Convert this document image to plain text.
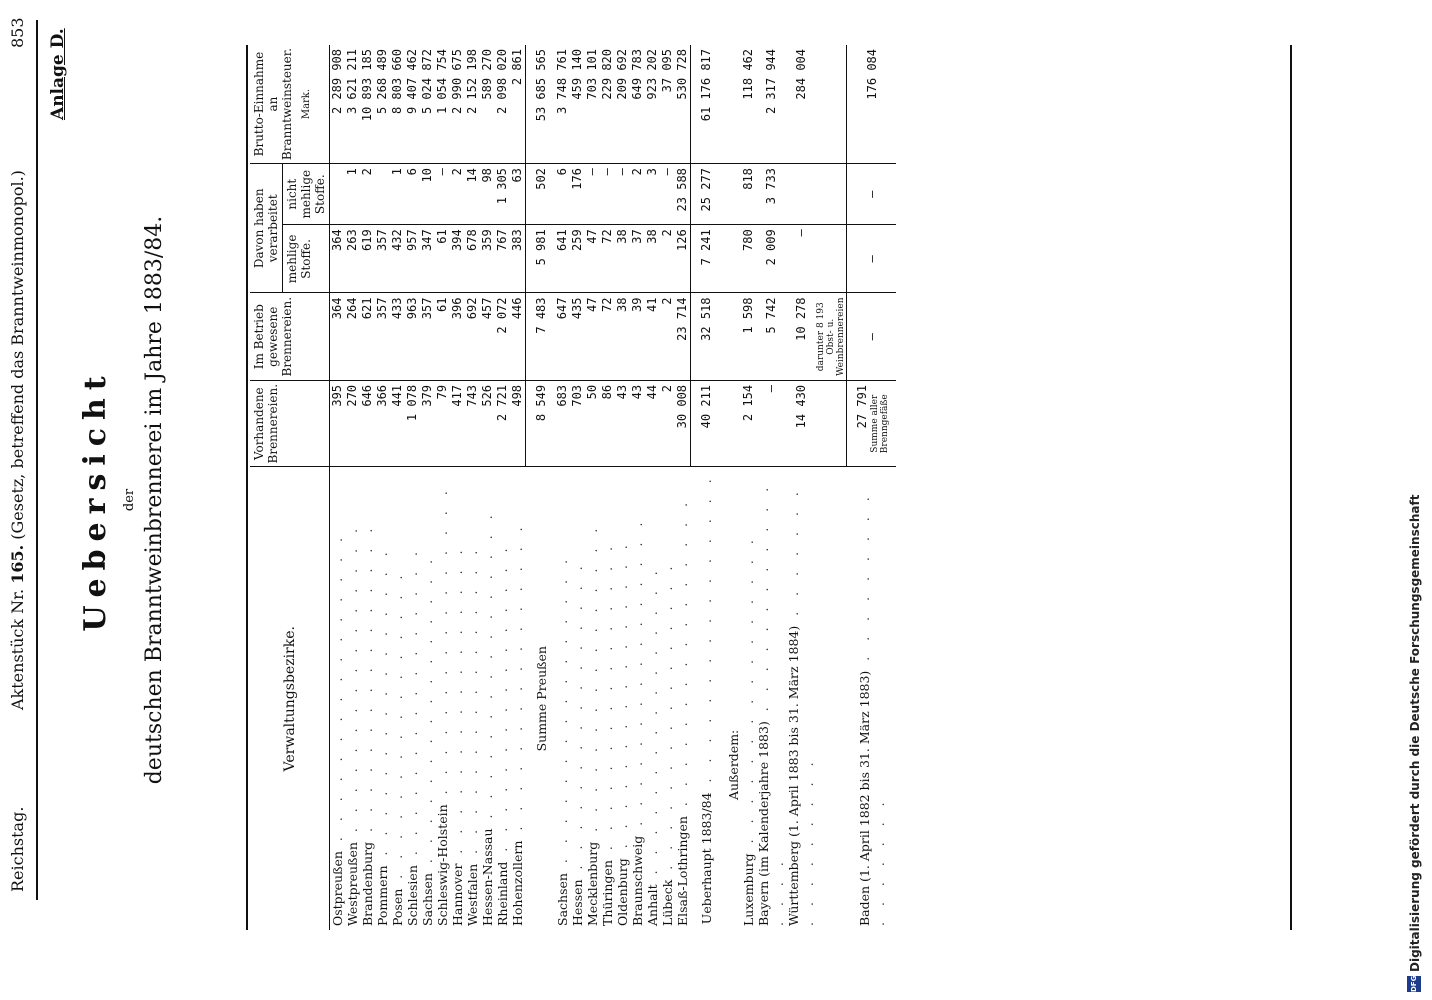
Reichstag.
Aktenstück Nr. 165. (Gesetz, betreffend das Branntweinmonopol.)
853 Anlage D.
Uebersicht der deutschen Branntweinbrennerei im Jahre 1883/84.	Verwaltungsbezirke.	Vorhandene Brennereien.	Im Betrieb gewesene Brennereien.	Davon haben verarbeitet		Brutto-Einnahme an Branntweinsteuer. Mark.

			mehlige Stoffe.	nicht mehlige Stoffe.	
Ostpreußen . . . . . . . . . . . . . . . .	395	364	364		2 289 908
Westpreußen . . . . . . . . . . . . . . . .	270	264	263	1	3 621 211
Brandenburg . . . . . . . . . . . . . . . .	646	621	619	2	10 893 185
Pommern . . . . . . . . . . . . . . . .	366	357	357		5 268 489
Posen . . . . . . . . . . . . . . . .	441	433	432	1	8 803 660
Schlesien . . . . . . . . . . . . . . . .	1 078	963	957	6	9 407 462
Sachsen . . . . . . . . . . . . . . . .	379	357	347	10	5 024 872
Schleswig-Holstein . . . . . . . . . . . . . . . .	79	61	61	—	1 054 754
Hannover . . . . . . . . . . . . . . . .	417	396	394	2	2 990 675
Westfalen . . . . . . . . . . . . . . . .	743	692	678	14	2 152 198
Hessen-Nassau . . . . . . . . . . . . . . . .	526	457	359	98	589 270
Rheinland . . . . . . . . . . . . . . . .	2 721	2 072	767	1 305	2 098 020
Hohenzollern . . . . . . . . . . . . . . . .	498	446	383	63	2 861
Summe Preußen	8 549	7 483	5 981	502	53 685 565
Sachsen . . . . . . . . . . . . . . . .	683	647	641	6	3 748 761
Hessen . . . . . . . . . . . . . . . .	703	435	259	176	459 140
Mecklenburg . . . . . . . . . . . . . . . .	50	47	47	—	703 101
Thüringen . . . . . . . . . . . . . . . .	86	72	72	—	229 820
Oldenburg . . . . . . . . . . . . . . . .	43	38	38	—	209 692
Braunschweig . . . . . . . . . . . . . . . .	43	39	37	2	649 783
Anhalt . . . . . . . . . . . . . . . .	44	41	38	3	923 202
Lübeck . . . . . . . . . . . . . . . .	2	2	2	—	37 095
Elsaß-Lothringen . . . . . . . . . . . . . . . .	30 008	23 714	126	23 588	530 728
Ueberhaupt 1883/84 . . . . . . . . . . . . . . . .	40 211	32 518	7 241	25 277	61 176 817
Außerdem:					
Luxemburg . . . . . . . . . . . . . . . .	2 154	1 598	780	818	118 462
Bayern (im Kalenderjahre 1883) . . . . . . . . . . . . . . . .	—	5 742	2 009	3 733	2 317 944
Württemberg (1. April 1883 bis 31. März 1884) . . . . . . . . . . . . . . . .	14 430	10 278	—		284 004
		darunter 8 193 Obst- u. Weinbrennereien			
Baden (1. April 1882 bis 31. März 1883) . . . . . . . . . . . . . . . .	27 791 Summe aller Brenngefäße	—	—	—	176 084
DFG
Digitalisierung gefördert durch die Deutsche Forschungsgemeinschaft
